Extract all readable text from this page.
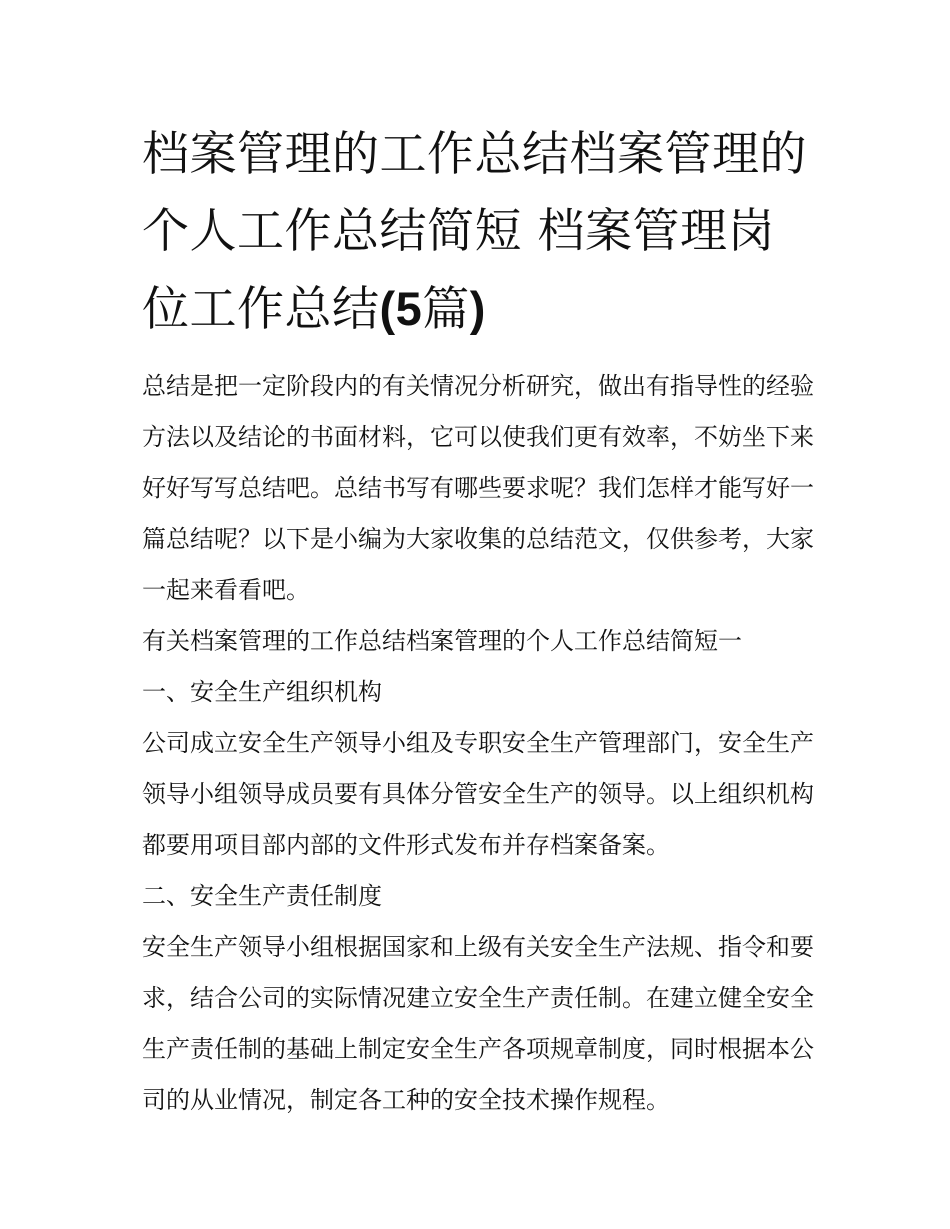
档案管理的工作总结档案管理的个人工作总结简短 档案管理岗位工作总结(5篇)

总结是把一定阶段内的有关情况分析研究，做出有指导性的经验方法以及结论的书面材料，它可以使我们更有效率，不妨坐下来好好写写总结吧。总结书写有哪些要求呢？我们怎样才能写好一篇总结呢？以下是小编为大家收集的总结范文，仅供参考，大家一起来看看吧。

有关档案管理的工作总结档案管理的个人工作总结简短一

一、安全生产组织机构

公司成立安全生产领导小组及专职安全生产管理部门，安全生产领导小组领导成员要有具体分管安全生产的领导。以上组织机构都要用项目部内部的文件形式发布并存档案备案。

二、安全生产责任制度

安全生产领导小组根据国家和上级有关安全生产法规、指令和要求，结合公司的实际情况建立安全生产责任制。在建立健全安全生产责任制的基础上制定安全生产各项规章制度，同时根据本公司的从业情况，制定各工种的安全技术操作规程。
